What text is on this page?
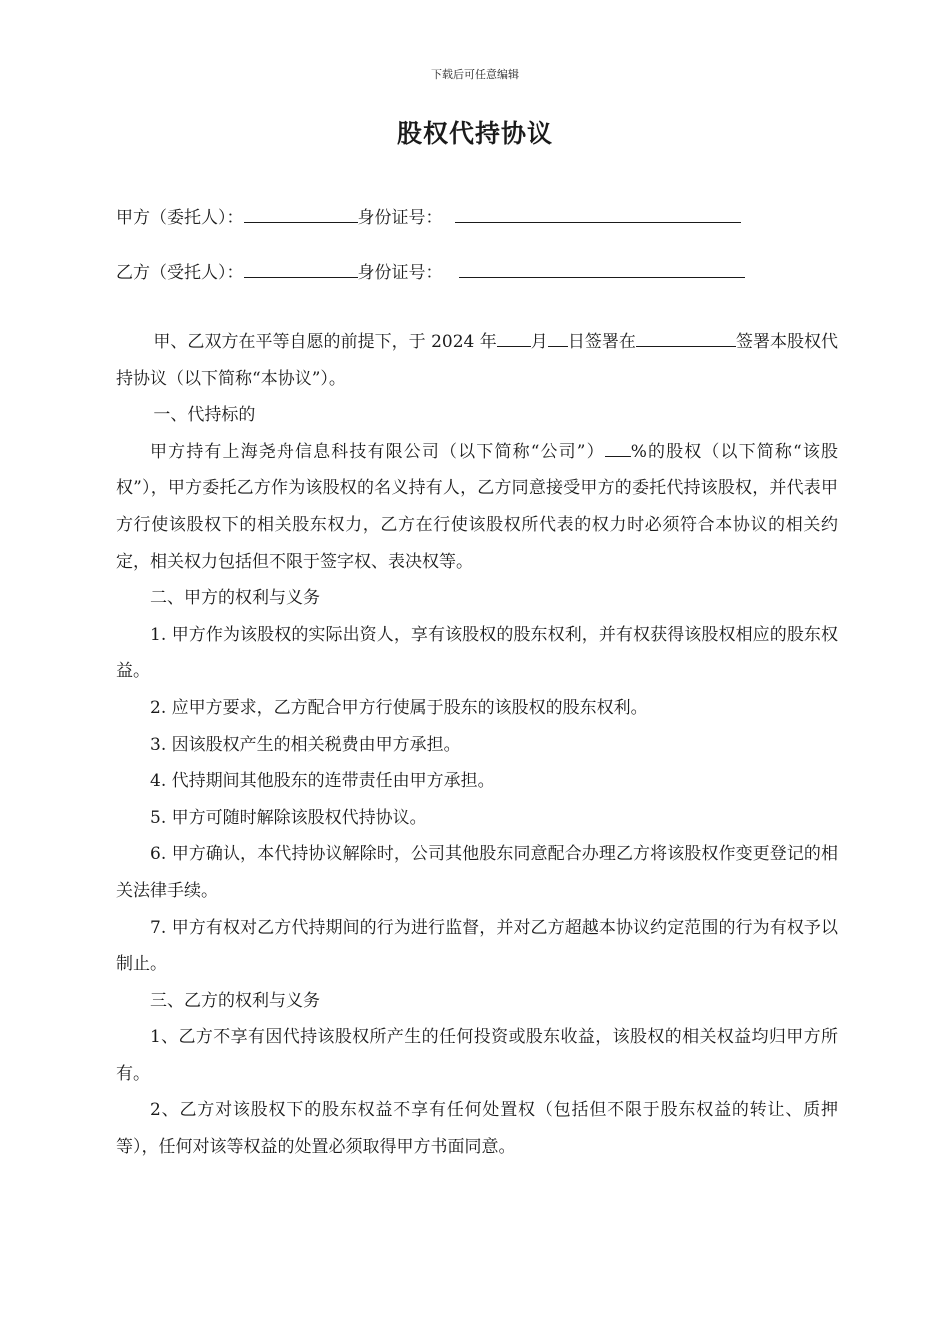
下载后可任意编辑
股权代持协议
甲方（委托人）：	身份证号：
乙方（受托人）：	身份证号：

甲、乙双方在平等自愿的前提下，于 2024 年 月 日签署在	签署本股权代持协议（以下简称“本协议”）。

一、代持标的

甲方持有上海尧舟信息科技有限公司（以下简称“公司”） %的股权（以下简称“该股权”），甲方委托乙方作为该股权的名义持有人，乙方同意接受甲方的委托代持该股权，并代表甲方行使该股权下的相关股东权力，乙方在行使该股权所代表的权力时必须符合本协议的相关约定，相关权力包括但不限于签字权、表决权等。

二、甲方的权利与义务

1. 甲方作为该股权的实际出资人，享有该股权的股东权利，并有权获得该股权相应的股东权益。

2. 应甲方要求，乙方配合甲方行使属于股东的该股权的股东权利。

3. 因该股权产生的相关税费由甲方承担。

4. 代持期间其他股东的连带责任由甲方承担。

5. 甲方可随时解除该股权代持协议。

6. 甲方确认，本代持协议解除时，公司其他股东同意配合办理乙方将该股权作变更登记的相关法律手续。

7. 甲方有权对乙方代持期间的行为进行监督，并对乙方超越本协议约定范围的行为有权予以制止。

三、乙方的权利与义务

1、乙方不享有因代持该股权所产生的任何投资或股东收益，该股权的相关权益均归甲方所有。

2、乙方对该股权下的股东权益不享有任何处置权（包括但不限于股东权益的转让、质押等），任何对该等权益的处置必须取得甲方书面同意。
